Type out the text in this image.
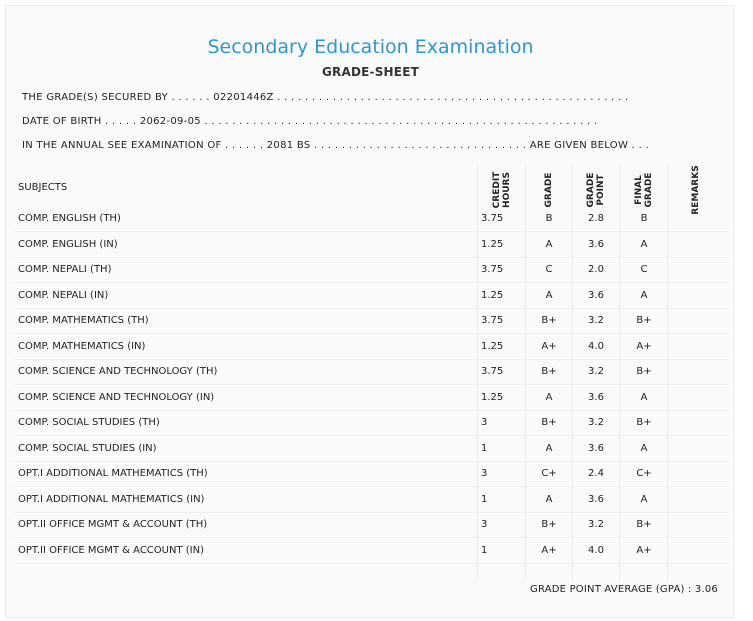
Secondary Education Examination
GRADE-SHEET
THE GRADE(S) SECURED BY . . . . . . 02201446Z . . . . . . . . . . . . . . . . . . . . . . . . . . . . . . . . . . . . . . . . . . . . . . . . . . .
DATE OF BIRTH . . . . . 2062-09-05 . . . . . . . . . . . . . . . . . . . . . . . . . . . . . . . . . . . . . . . . . . . . . . . . . . . . . . . . .
IN THE ANNUAL SEE EXAMINATION OF . . . . . . 2081 BS . . . . . . . . . . . . . . . . . . . . . . . . . . . . . . . ARE GIVEN BELOW . . .
SUBJECTS	CREDIT HOURS	GRADE	GRADE POINT	FINAL GRADE	REMARKS
COMP. ENGLISH (TH)	3.75	B	2.8	B
COMP. ENGLISH (IN)	1.25	A	3.6	A
COMP. NEPALI (TH)	3.75	C	2.0	C
COMP. NEPALI (IN)	1.25	A	3.6	A
COMP. MATHEMATICS (TH)	3.75	B+	3.2	B+
COMP. MATHEMATICS (IN)	1.25	A+	4.0	A+
COMP. SCIENCE AND TECHNOLOGY (TH)	3.75	B+	3.2	B+
COMP. SCIENCE AND TECHNOLOGY (IN)	1.25	A	3.6	A
COMP. SOCIAL STUDIES (TH)	3	B+	3.2	B+
COMP. SOCIAL STUDIES (IN)	1	A	3.6	A
OPT.I ADDITIONAL MATHEMATICS (TH)	3	C+	2.4	C+
OPT.I ADDITIONAL MATHEMATICS (IN)	1	A	3.6	A
OPT.II OFFICE MGMT & ACCOUNT (TH)	3	B+	3.2	B+
OPT.II OFFICE MGMT & ACCOUNT (IN)	1	A+	4.0	A+
GRADE POINT AVERAGE (GPA) : 3.06
